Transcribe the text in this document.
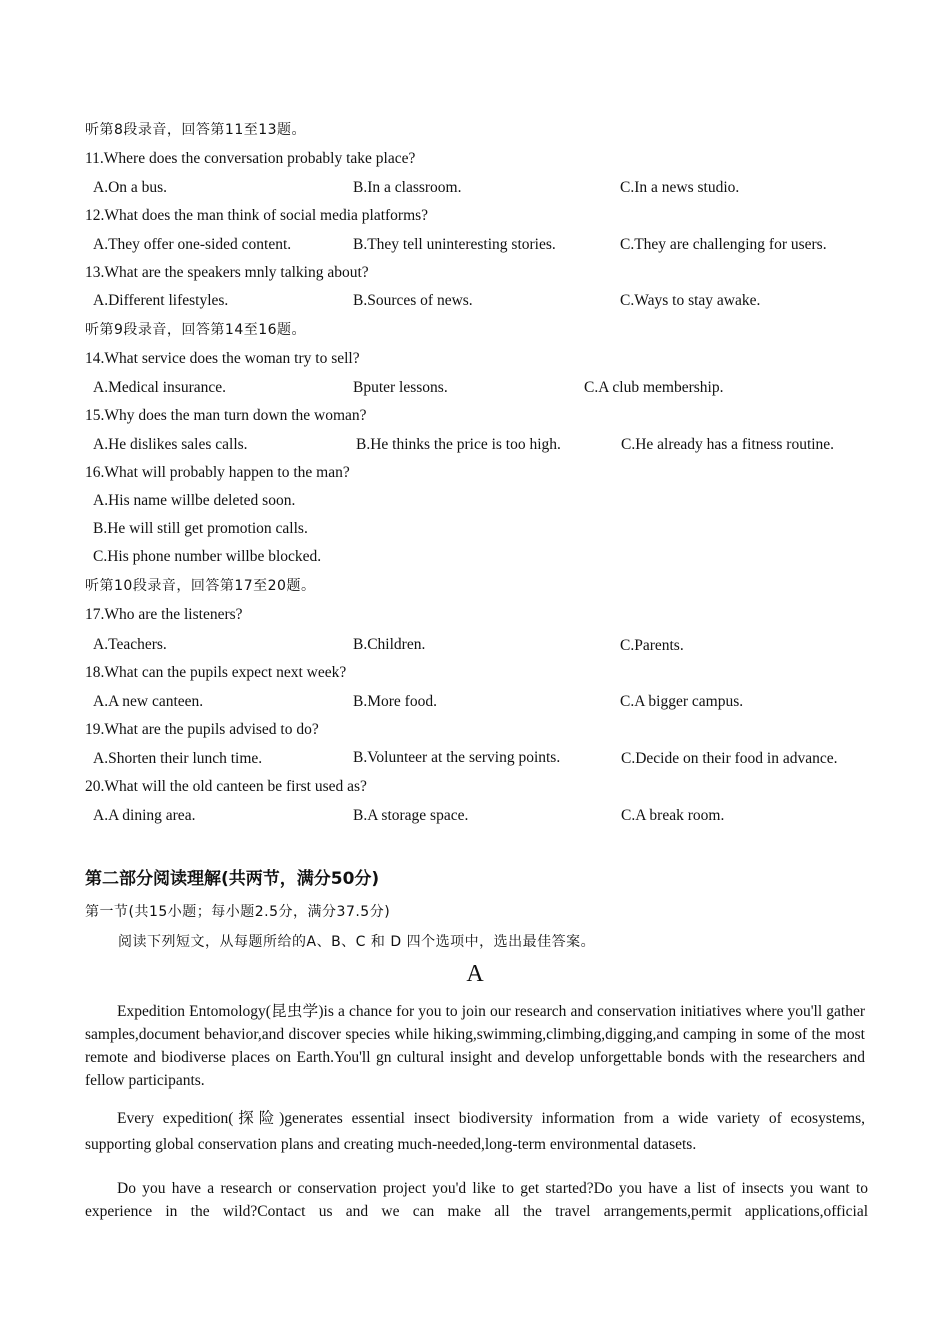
听第8段录音，回答第11至13题。
11.Where does the conversation probably take place?
A.On a bus.	B.In a classroom.	C.In a news studio.
12.What does the man think of social media platforms?
A.They offer one-sided content.	B.They tell uninteresting stories.	C.They are challenging for users.
13.What are the speakers mnly talking about?
A.Different lifestyles.	B.Sources of news.	C.Ways to stay awake.
听第9段录音，回答第14至16题。
14.What service does the woman try to sell?
A.Medical insurance.	Bputer lessons.	C.A club membership.
15.Why does the man turn down the woman?
A.He dislikes sales calls.	B.He thinks the price is too high.	C.He already has a fitness routine.
16.What will probably happen to the man?
A.His name willbe deleted soon.
B.He will still get promotion calls.
C.His phone number willbe blocked.
听第10段录音，回答第17至20题。
17.Who are the listeners?
A.Teachers.	B.Children.	C.Parents.
18.What can the pupils expect next week?
A.A new canteen.	B.More food.	C.A bigger campus.
19.What are the pupils advised to do?
A.Shorten their lunch time.	B.Volunteer at the serving points.	C.Decide on their food in advance.
20.What will the old canteen be first used as?
A.A dining area.	B.A storage space.	C.A break room.
第二部分阅读理解(共两节，满分50分)
第一节(共15小题；每小题2.5分，满分37.5分)
阅读下列短文，从每题所给的A、B、C 和 D 四个选项中，选出最佳答案。
A

Expedition Entomology(昆虫学)is a chance for you to join our research and conservation initiatives where you'll gather samples,document behavior,and discover species while hiking,swimming,climbing,digging,and camping in some of the most remote and biodiverse places on Earth.You'll gn cultural insight and develop unforgettable bonds with the researchers and fellow participants.

Every expedition(探险)generates essential insect biodiversity information from a wide variety of ecosystems, supporting global conservation plans and creating much-needed,long-term environmental datasets.

Do you have a research or conservation project you'd like to get started?Do you have a list of insects you want to experience in the wild?Contact us and we can make all the travel arrangements,permit applications,official
